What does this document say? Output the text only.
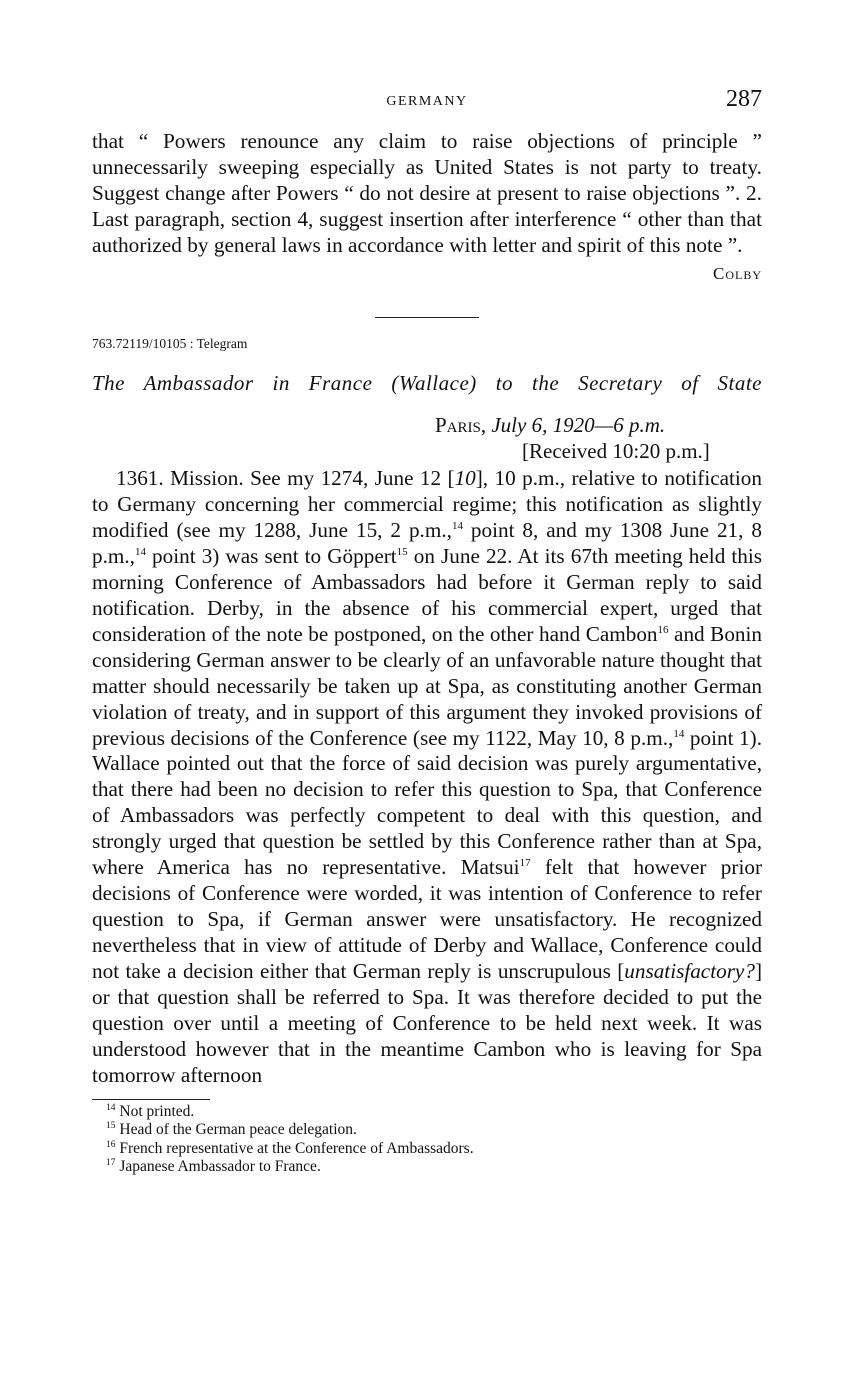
GERMANY	287

that “ Powers renounce any claim to raise objections of principle ” unnecessarily sweeping especially as United States is not party to treaty. Suggest change after Powers “ do not desire at present to raise objections ”. 2. Last paragraph, section 4, suggest insertion after interference “ other than that authorized by general laws in accordance with letter and spirit of this note ”.

Colby
763.72119/10105 : Telegram
The Ambassador in France (Wallace) to the Secretary of State
Paris, July 6, 1920—6 p.m.
[Received 10:20 p.m.]

1361. Mission. See my 1274, June 12 [10], 10 p.m., relative to notification to Germany concerning her commercial regime; this notification as slightly modified (see my 1288, June 15, 2 p.m.,$^{14}$ point 8, and my 1308 June 21, 8 p.m.,$^{14}$ point 3) was sent to Göppert$^{15}$ on June 22. At its 67th meeting held this morning Conference of Ambassadors had before it German reply to said notification. Derby, in the absence of his commercial expert, urged that consideration of the note be postponed, on the other hand Cambon$^{16}$ and Bonin considering German answer to be clearly of an unfavorable nature thought that matter should necessarily be taken up at Spa, as constituting another German violation of treaty, and in support of this argument they invoked provisions of previous decisions of the Conference (see my 1122, May 10, 8 p.m.,$^{14}$ point 1). Wallace pointed out that the force of said decision was purely argumentative, that there had been no decision to refer this question to Spa, that Conference of Ambassadors was perfectly competent to deal with this question, and strongly urged that question be settled by this Conference rather than at Spa, where America has no representative. Matsui$^{17}$ felt that however prior decisions of Conference were worded, it was intention of Conference to refer question to Spa, if German answer were unsatisfactory. He recognized nevertheless that in view of attitude of Derby and Wallace, Conference could not take a decision either that German reply is unscrupulous [unsatisfactory?] or that question shall be referred to Spa. It was therefore decided to put the question over until a meeting of Conference to be held next week. It was understood however that in the meantime Cambon who is leaving for Spa tomorrow afternoon

$^{14}$ Not printed.
$^{15}$ Head of the German peace delegation.
$^{16}$ French representative at the Conference of Ambassadors.
$^{17}$ Japanese Ambassador to France.
